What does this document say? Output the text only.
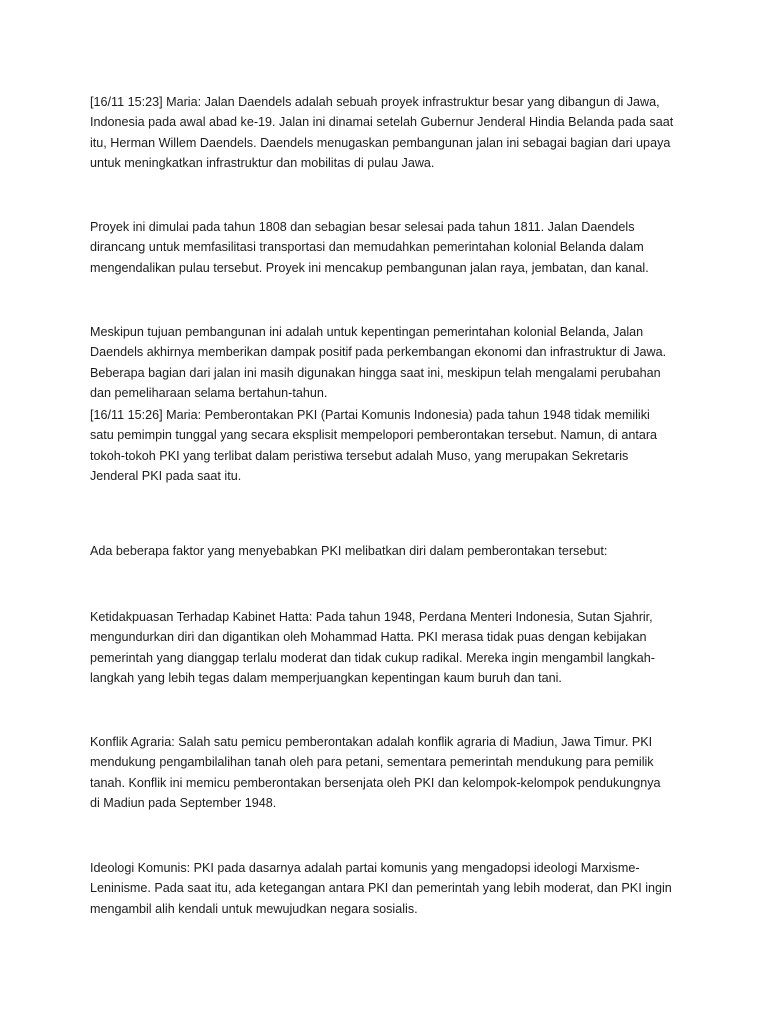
[16/11 15:23] Maria: Jalan Daendels adalah sebuah proyek infrastruktur besar yang dibangun di Jawa,
Indonesia pada awal abad ke-19. Jalan ini dinamai setelah Gubernur Jenderal Hindia Belanda pada saat
itu, Herman Willem Daendels. Daendels menugaskan pembangunan jalan ini sebagai bagian dari upaya
untuk meningkatkan infrastruktur dan mobilitas di pulau Jawa.

Proyek ini dimulai pada tahun 1808 dan sebagian besar selesai pada tahun 1811. Jalan Daendels
dirancang untuk memfasilitasi transportasi dan memudahkan pemerintahan kolonial Belanda dalam
mengendalikan pulau tersebut. Proyek ini mencakup pembangunan jalan raya, jembatan, dan kanal.

Meskipun tujuan pembangunan ini adalah untuk kepentingan pemerintahan kolonial Belanda, Jalan
Daendels akhirnya memberikan dampak positif pada perkembangan ekonomi dan infrastruktur di Jawa.
Beberapa bagian dari jalan ini masih digunakan hingga saat ini, meskipun telah mengalami perubahan
dan pemeliharaan selama bertahun-tahun.

[16/11 15:26] Maria: Pemberontakan PKI (Partai Komunis Indonesia) pada tahun 1948 tidak memiliki
satu pemimpin tunggal yang secara eksplisit mempelopori pemberontakan tersebut. Namun, di antara
tokoh-tokoh PKI yang terlibat dalam peristiwa tersebut adalah Muso, yang merupakan Sekretaris
Jenderal PKI pada saat itu.

Ada beberapa faktor yang menyebabkan PKI melibatkan diri dalam pemberontakan tersebut:

Ketidakpuasan Terhadap Kabinet Hatta: Pada tahun 1948, Perdana Menteri Indonesia, Sutan Sjahrir,
mengundurkan diri dan digantikan oleh Mohammad Hatta. PKI merasa tidak puas dengan kebijakan
pemerintah yang dianggap terlalu moderat dan tidak cukup radikal. Mereka ingin mengambil langkah-
langkah yang lebih tegas dalam memperjuangkan kepentingan kaum buruh dan tani.

Konflik Agraria: Salah satu pemicu pemberontakan adalah konflik agraria di Madiun, Jawa Timur. PKI
mendukung pengambilalihan tanah oleh para petani, sementara pemerintah mendukung para pemilik
tanah. Konflik ini memicu pemberontakan bersenjata oleh PKI dan kelompok-kelompok pendukungnya
di Madiun pada September 1948.

Ideologi Komunis: PKI pada dasarnya adalah partai komunis yang mengadopsi ideologi Marxisme-
Leninisme. Pada saat itu, ada ketegangan antara PKI dan pemerintah yang lebih moderat, dan PKI ingin
mengambil alih kendali untuk mewujudkan negara sosialis.
